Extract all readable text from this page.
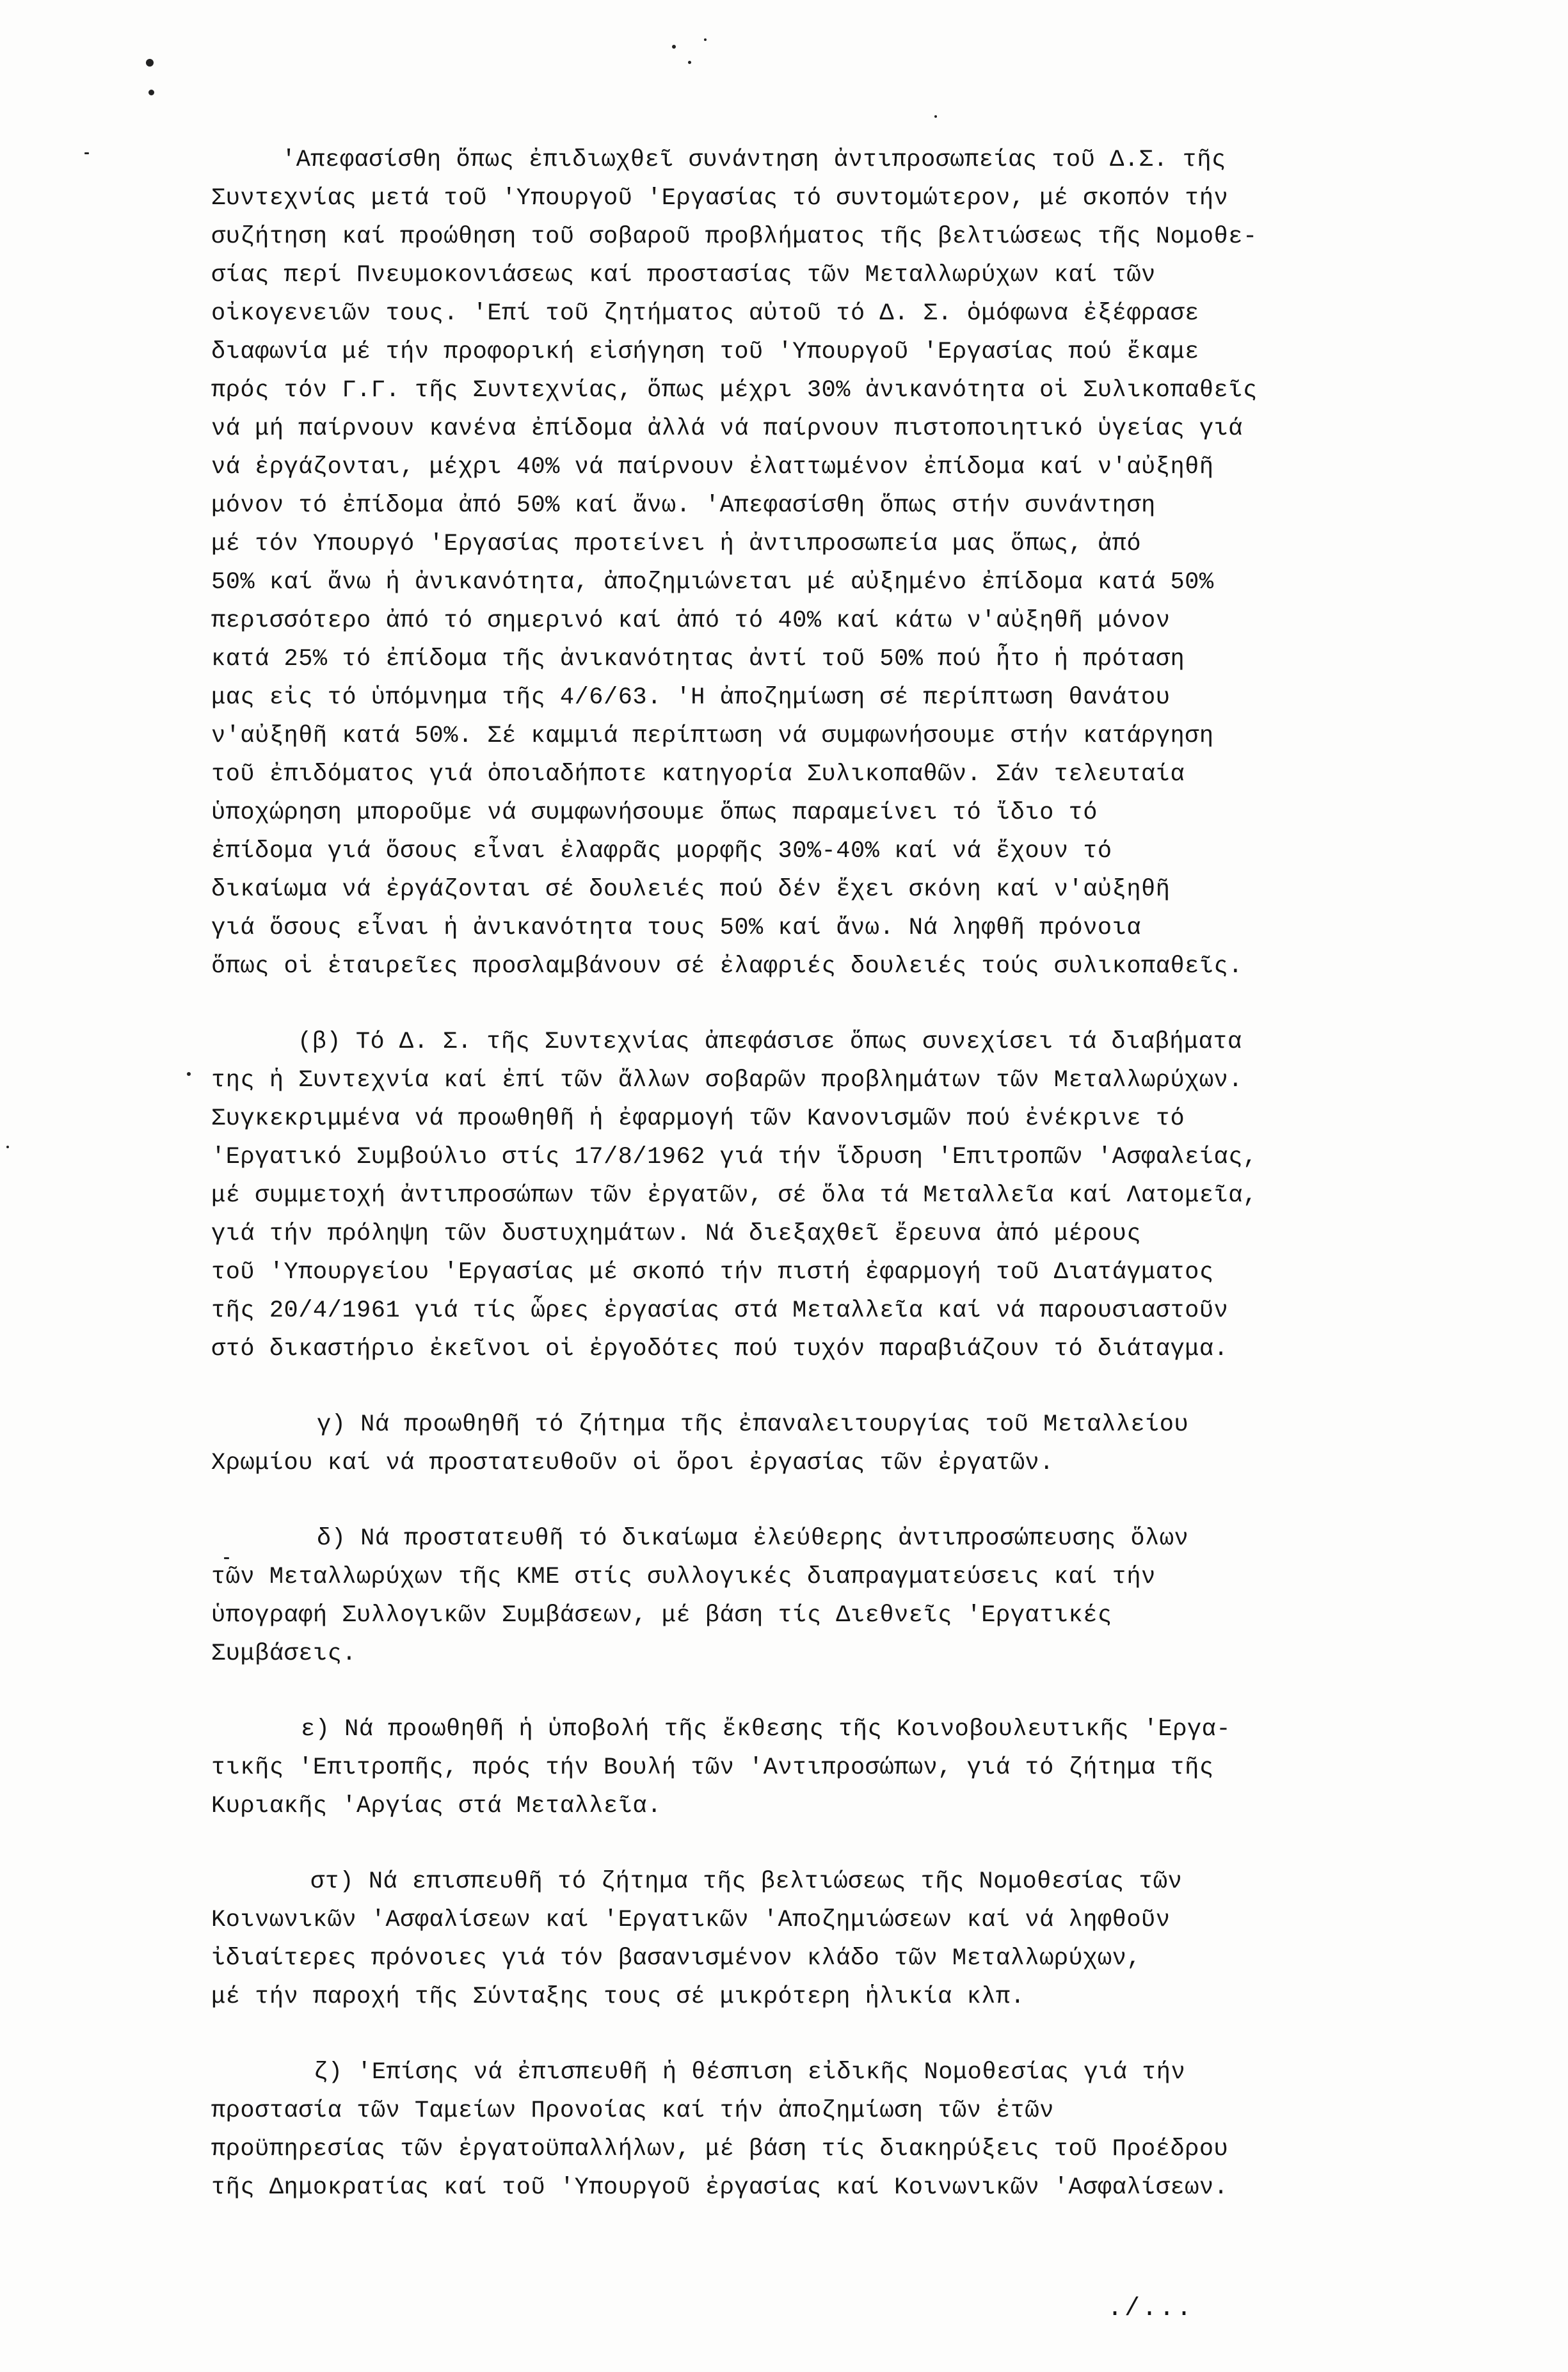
'Απεφασίσθη ὅπως ἐπιδιωχθεῖ συνάντηση ἀντιπροσωπείας τοῦ Δ.Σ. τῆς
Συντεχνίας μετά τοῦ 'Υπουργοῦ 'Εργασίας τό συντομώτερον, μέ σκοπόν τήν
συζήτηση καί προώθηση τοῦ σοβαροῦ προβλήματος τῆς βελτιώσεως τῆς Νομοθε-
σίας περί Πνευμοκονιάσεως καί προστασίας τῶν Μεταλλωρύχων καί τῶν
οἰκογενειῶν τους. 'Επί τοῦ ζητήματος αὐτοῦ τό Δ. Σ. ὁμόφωνα ἐξέφρασε
διαφωνία μέ τήν προφορική εἰσήγηση τοῦ 'Υπουργοῦ 'Εργασίας πού ἔκαμε
πρός τόν Γ.Γ. τῆς Συντεχνίας, ὅπως μέχρι 30% ἀνικανότητα οἱ Συλικοπαθεῖς
νά μή παίρνουν κανένα ἐπίδομα ἀλλά νά παίρνουν πιστοποιητικό ὑγείας γιά
νά ἐργάζονται, μέχρι 40% νά παίρνουν ἐλαττωμένον ἐπίδομα καί ν'αὐξηθῆ
μόνον τό ἐπίδομα ἀπό 50% καί ἄνω. 'Απεφασίσθη ὅπως στήν συνάντηση
μέ τόν Υπουργό 'Εργασίας προτείνει ἡ ἀντιπροσωπεία μας ὅπως, ἀπό
50% καί ἄνω ἡ ἀνικανότητα, ἀποζημιώνεται μέ αὐξημένο ἐπίδομα κατά 50%
περισσότερο ἀπό τό σημερινό καί ἀπό τό 40% καί κάτω ν'αὐξηθῆ μόνον
κατά 25% τό ἐπίδομα τῆς ἀνικανότητας ἀντί τοῦ 50% πού ἦτο ἡ πρόταση
μας εἰς τό ὑπόμνημα τῆς 4/6/63. 'Η ἀποζημίωση σέ περίπτωση θανάτου
ν'αὐξηθῆ κατά 50%. Σέ καμμιά περίπτωση νά συμφωνήσουμε στήν κατάργηση
τοῦ ἐπιδόματος γιά ὁποιαδήποτε κατηγορία Συλικοπαθῶν. Σάν τελευταία
ὑποχώρηση μποροῦμε νά συμφωνήσουμε ὅπως παραμείνει τό ἴδιο τό
ἐπίδομα γιά ὅσους εἶναι ἐλαφρᾶς μορφῆς 30%-40% καί νά ἔχουν τό
δικαίωμα νά ἐργάζονται σέ δουλειές πού δέν ἔχει σκόνη καί ν'αὐξηθῆ
γιά ὅσους εἶναι ἡ ἀνικανότητα τους 50% καί ἄνω. Νά ληφθῆ πρόνοια
ὅπως οἱ ἑταιρεῖες προσλαμβάνουν σέ ἐλαφριές δουλειές τούς συλικοπαθεῖς.

(β) Τό Δ. Σ. τῆς Συντεχνίας ἀπεφάσισε ὅπως συνεχίσει τά διαβήματα
της ἡ Συντεχνία καί ἐπί τῶν ἄλλων σοβαρῶν προβλημάτων τῶν Μεταλλωρύχων.
Συγκεκριμμένα νά προωθηθῆ ἡ ἐφαρμογή τῶν Κανονισμῶν πού ἐνέκρινε τό
'Εργατικό Συμβούλιο στίς 17/8/1962 γιά τήν ἵδρυση 'Επιτροπῶν 'Ασφαλείας,
μέ συμμετοχή ἀντιπροσώπων τῶν ἐργατῶν, σέ ὅλα τά Μεταλλεῖα καί Λατομεῖα,
γιά τήν πρόληψη τῶν δυστυχημάτων. Νά διεξαχθεῖ ἔρευνα ἀπό μέρους
τοῦ 'Υπουργείου 'Εργασίας μέ σκοπό τήν πιστή ἐφαρμογή τοῦ Διατάγματος
τῆς 20/4/1961 γιά τίς ὧρες ἐργασίας στά Μεταλλεῖα καί νά παρουσιαστοῦν
στό δικαστήριο ἐκεῖνοι οἱ ἐργοδότες πού τυχόν παραβιάζουν τό διάταγμα.

γ) Νά προωθηθῆ τό ζήτημα τῆς ἐπαναλειτουργίας τοῦ Μεταλλείου
Χρωμίου καί νά προστατευθοῦν οἱ ὅροι ἐργασίας τῶν ἐργατῶν.

δ) Νά προστατευθῆ τό δικαίωμα ἐλεύθερης ἀντιπροσώπευσης ὅλων
τῶν Μεταλλωρύχων τῆς ΚΜΕ στίς συλλογικές διαπραγματεύσεις καί τήν
ὑπογραφή Συλλογικῶν Συμβάσεων, μέ βάση τίς Διεθνεῖς 'Εργατικές
Συμβάσεις.

ε) Νά προωθηθῆ ἡ ὑποβολή τῆς ἔκθεσης τῆς Κοινοβουλευτικῆς 'Εργα-
τικῆς 'Επιτροπῆς, πρός τήν Βουλή τῶν 'Αντιπροσώπων, γιά τό ζήτημα τῆς
Κυριακῆς 'Αργίας στά Μεταλλεῖα.

στ) Νά επισπευθῆ τό ζήτημα τῆς βελτιώσεως τῆς Νομοθεσίας τῶν
Κοινωνικῶν 'Ασφαλίσεων καί 'Εργατικῶν 'Αποζημιώσεων καί νά ληφθοῦν
ἰδιαίτερες πρόνοιες γιά τόν βασανισμένον κλάδο τῶν Μεταλλωρύχων,
μέ τήν παροχή τῆς Σύνταξης τους σέ μικρότερη ἡλικία κλπ.

ζ) 'Επίσης νά ἐπισπευθῆ ἡ θέσπιση εἰδικῆς Νομοθεσίας γιά τήν
προστασία τῶν Ταμείων Προνοίας καί τήν ἀποζημίωση τῶν ἐτῶν
προϋπηρεσίας τῶν ἐργατοϋπαλλήλων, μέ βάση τίς διακηρύξεις τοῦ Προέδρου
τῆς Δημοκρατίας καί τοῦ 'Υπουργοῦ ἐργασίας καί Κοινωνικῶν 'Ασφαλίσεων.

./...
